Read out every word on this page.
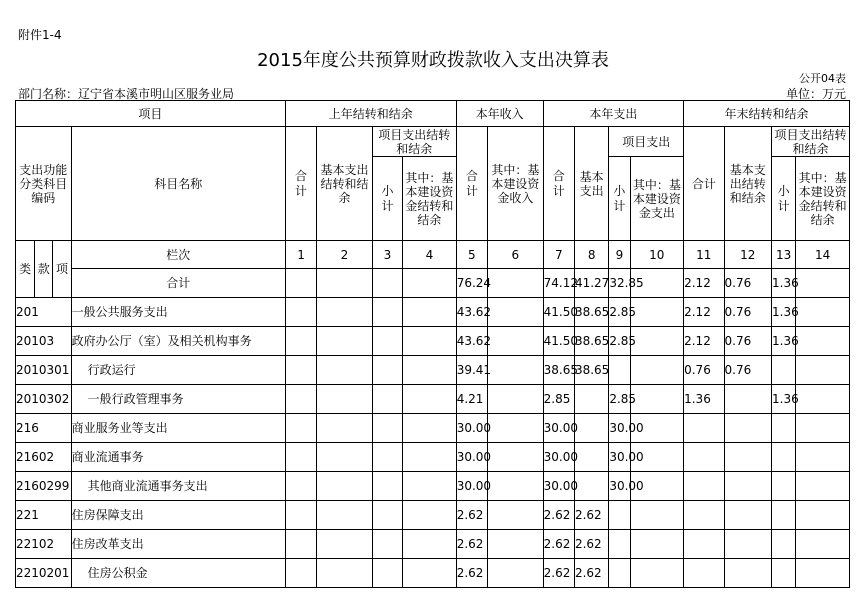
附件1-4
2015年度公共预算财政拨款收入支出决算表
公开04表
部门名称：辽宁省本溪市明山区服务业局	单位：万元
项目				上年结转和结余				本年收入		本年支出				年末结转和结余			
支出功能分类科目编码			科目名称	合计	基本支出结转和结余	项目支出结转和结余		合计	其中：基本建设资金收入	合计	基本支出	项目支出		合计	基本支出结转和结余	项目支出结转和结余	

						小计	其中：基本建设资金结转和结余					小计	其中：基本建设资金支出			小计	其中：基本建设资金结转和结余
类	款	项	栏次	1	2	3	4	5	6	7	8	9	10	11	12	13	14
			合计					76.24		74.12	41.27	32.85		2.12	0.76	1.36	
201			一般公共服务支出					43.62		41.50	38.65	2.85		2.12	0.76	1.36	
20103			政府办公厅（室）及相关机构事务					43.62		41.50	38.65	2.85		2.12	0.76	1.36	
2010301			行政运行					39.41		38.65	38.65			0.76	0.76		
2010302			一般行政管理事务					4.21		2.85		2.85		1.36		1.36	
216			商业服务业等支出					30.00		30.00		30.00					
21602			商业流通事务					30.00		30.00		30.00					
2160299			其他商业流通事务支出					30.00		30.00		30.00					
221			住房保障支出					2.62		2.62	2.62						
22102			住房改革支出					2.62		2.62	2.62						
2210201			住房公积金					2.62		2.62	2.62						
